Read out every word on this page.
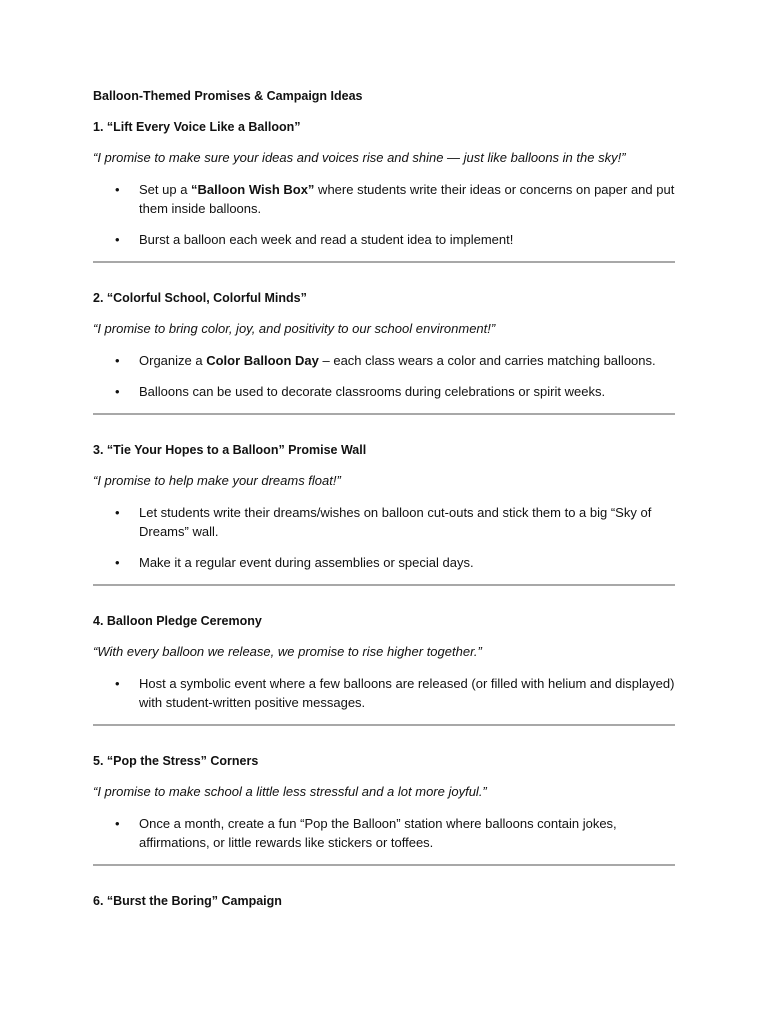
Balloon-Themed Promises & Campaign Ideas
1. “Lift Every Voice Like a Balloon”
“I promise to make sure your ideas and voices rise and shine — just like balloons in the sky!”
• Set up a “Balloon Wish Box” where students write their ideas or concerns on paper and put them inside balloons.
• Burst a balloon each week and read a student idea to implement!
2. “Colorful School, Colorful Minds”
“I promise to bring color, joy, and positivity to our school environment!”
• Organize a Color Balloon Day – each class wears a color and carries matching balloons.
• Balloons can be used to decorate classrooms during celebrations or spirit weeks.
3. “Tie Your Hopes to a Balloon” Promise Wall
“I promise to help make your dreams float!”
• Let students write their dreams/wishes on balloon cut-outs and stick them to a big “Sky of Dreams” wall.
• Make it a regular event during assemblies or special days.
4. Balloon Pledge Ceremony
“With every balloon we release, we promise to rise higher together.”
• Host a symbolic event where a few balloons are released (or filled with helium and displayed) with student-written positive messages.
5. “Pop the Stress” Corners
“I promise to make school a little less stressful and a lot more joyful.”
• Once a month, create a fun “Pop the Balloon” station where balloons contain jokes, affirmations, or little rewards like stickers or toffees.
6. “Burst the Boring” Campaign
